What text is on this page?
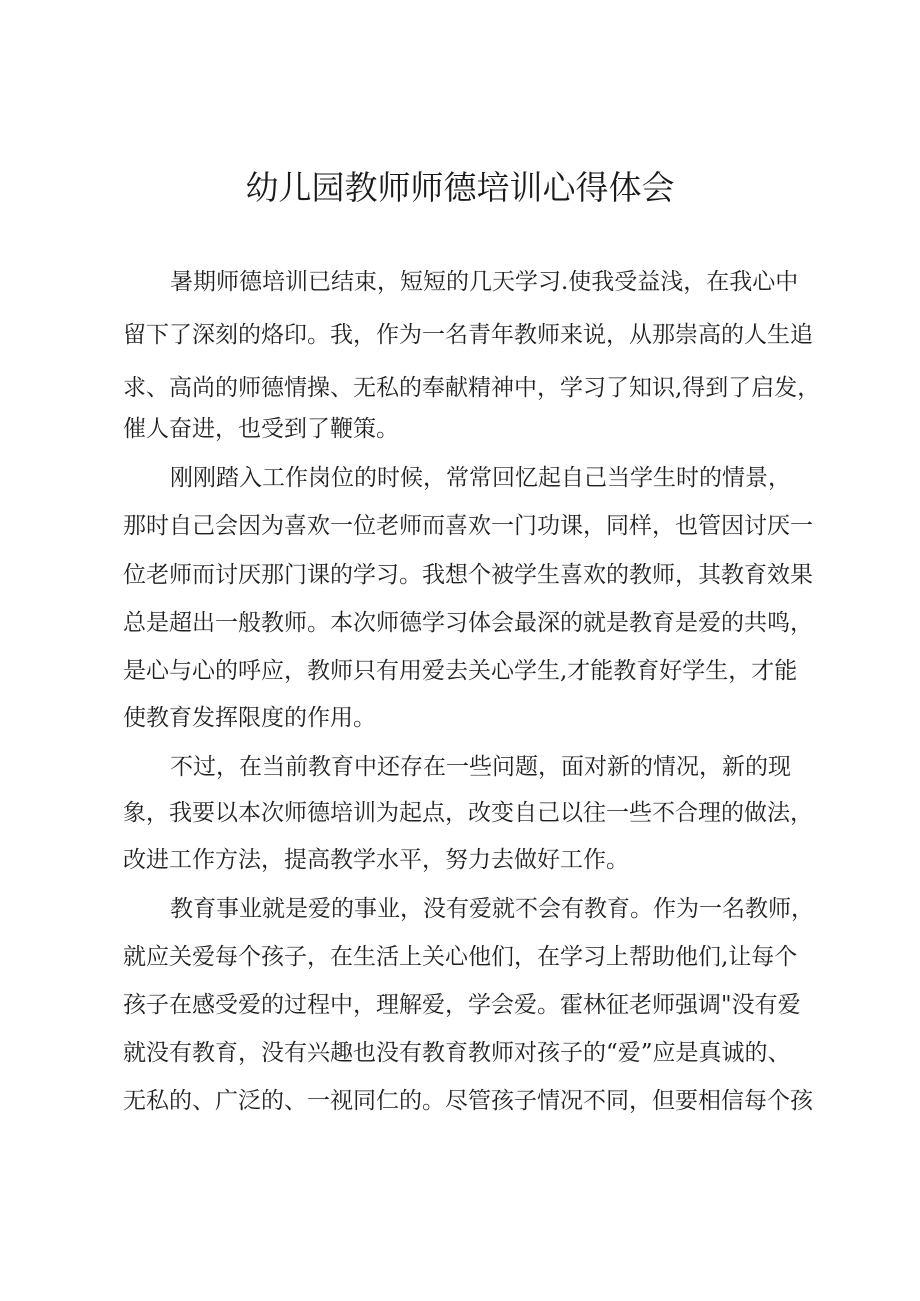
幼儿园教师师德培训心得体会
暑期师德培训已结束，短短的几天学习.使我受益浅，在我心中
留下了深刻的烙印。我，作为一名青年教师来说，从那崇高的人生追
求、高尚的师德情操、无私的奉献精神中，学习了知识,得到了启发，
催人奋进，也受到了鞭策。
刚刚踏入工作岗位的时候，常常回忆起自己当学生时的情景，
那时自己会因为喜欢一位老师而喜欢一门功课，同样，也管因讨厌一
位老师而讨厌那门课的学习。我想个被学生喜欢的教师，其教育效果
总是超出一般教师。本次师德学习体会最深的就是教育是爱的共鸣，
是心与心的呼应，教师只有用爱去关心学生,才能教育好学生，才能
使教育发挥限度的作用。
不过，在当前教育中还存在一些问题，面对新的情况，新的现
象，我要以本次师德培训为起点，改变自己以往一些不合理的做法，
改进工作方法，提高教学水平，努力去做好工作。
教育事业就是爱的事业，没有爱就不会有教育。作为一名教师，
就应关爱每个孩子，在生活上关心他们，在学习上帮助他们,让每个
孩子在感受爱的过程中，理解爱，学会爱。霍林征老师强调"没有爱
就没有教育，没有兴趣也没有教育教师对孩子的“爱”应是真诚的、
无私的、广泛的、一视同仁的。尽管孩子情况不同，但要相信每个孩
